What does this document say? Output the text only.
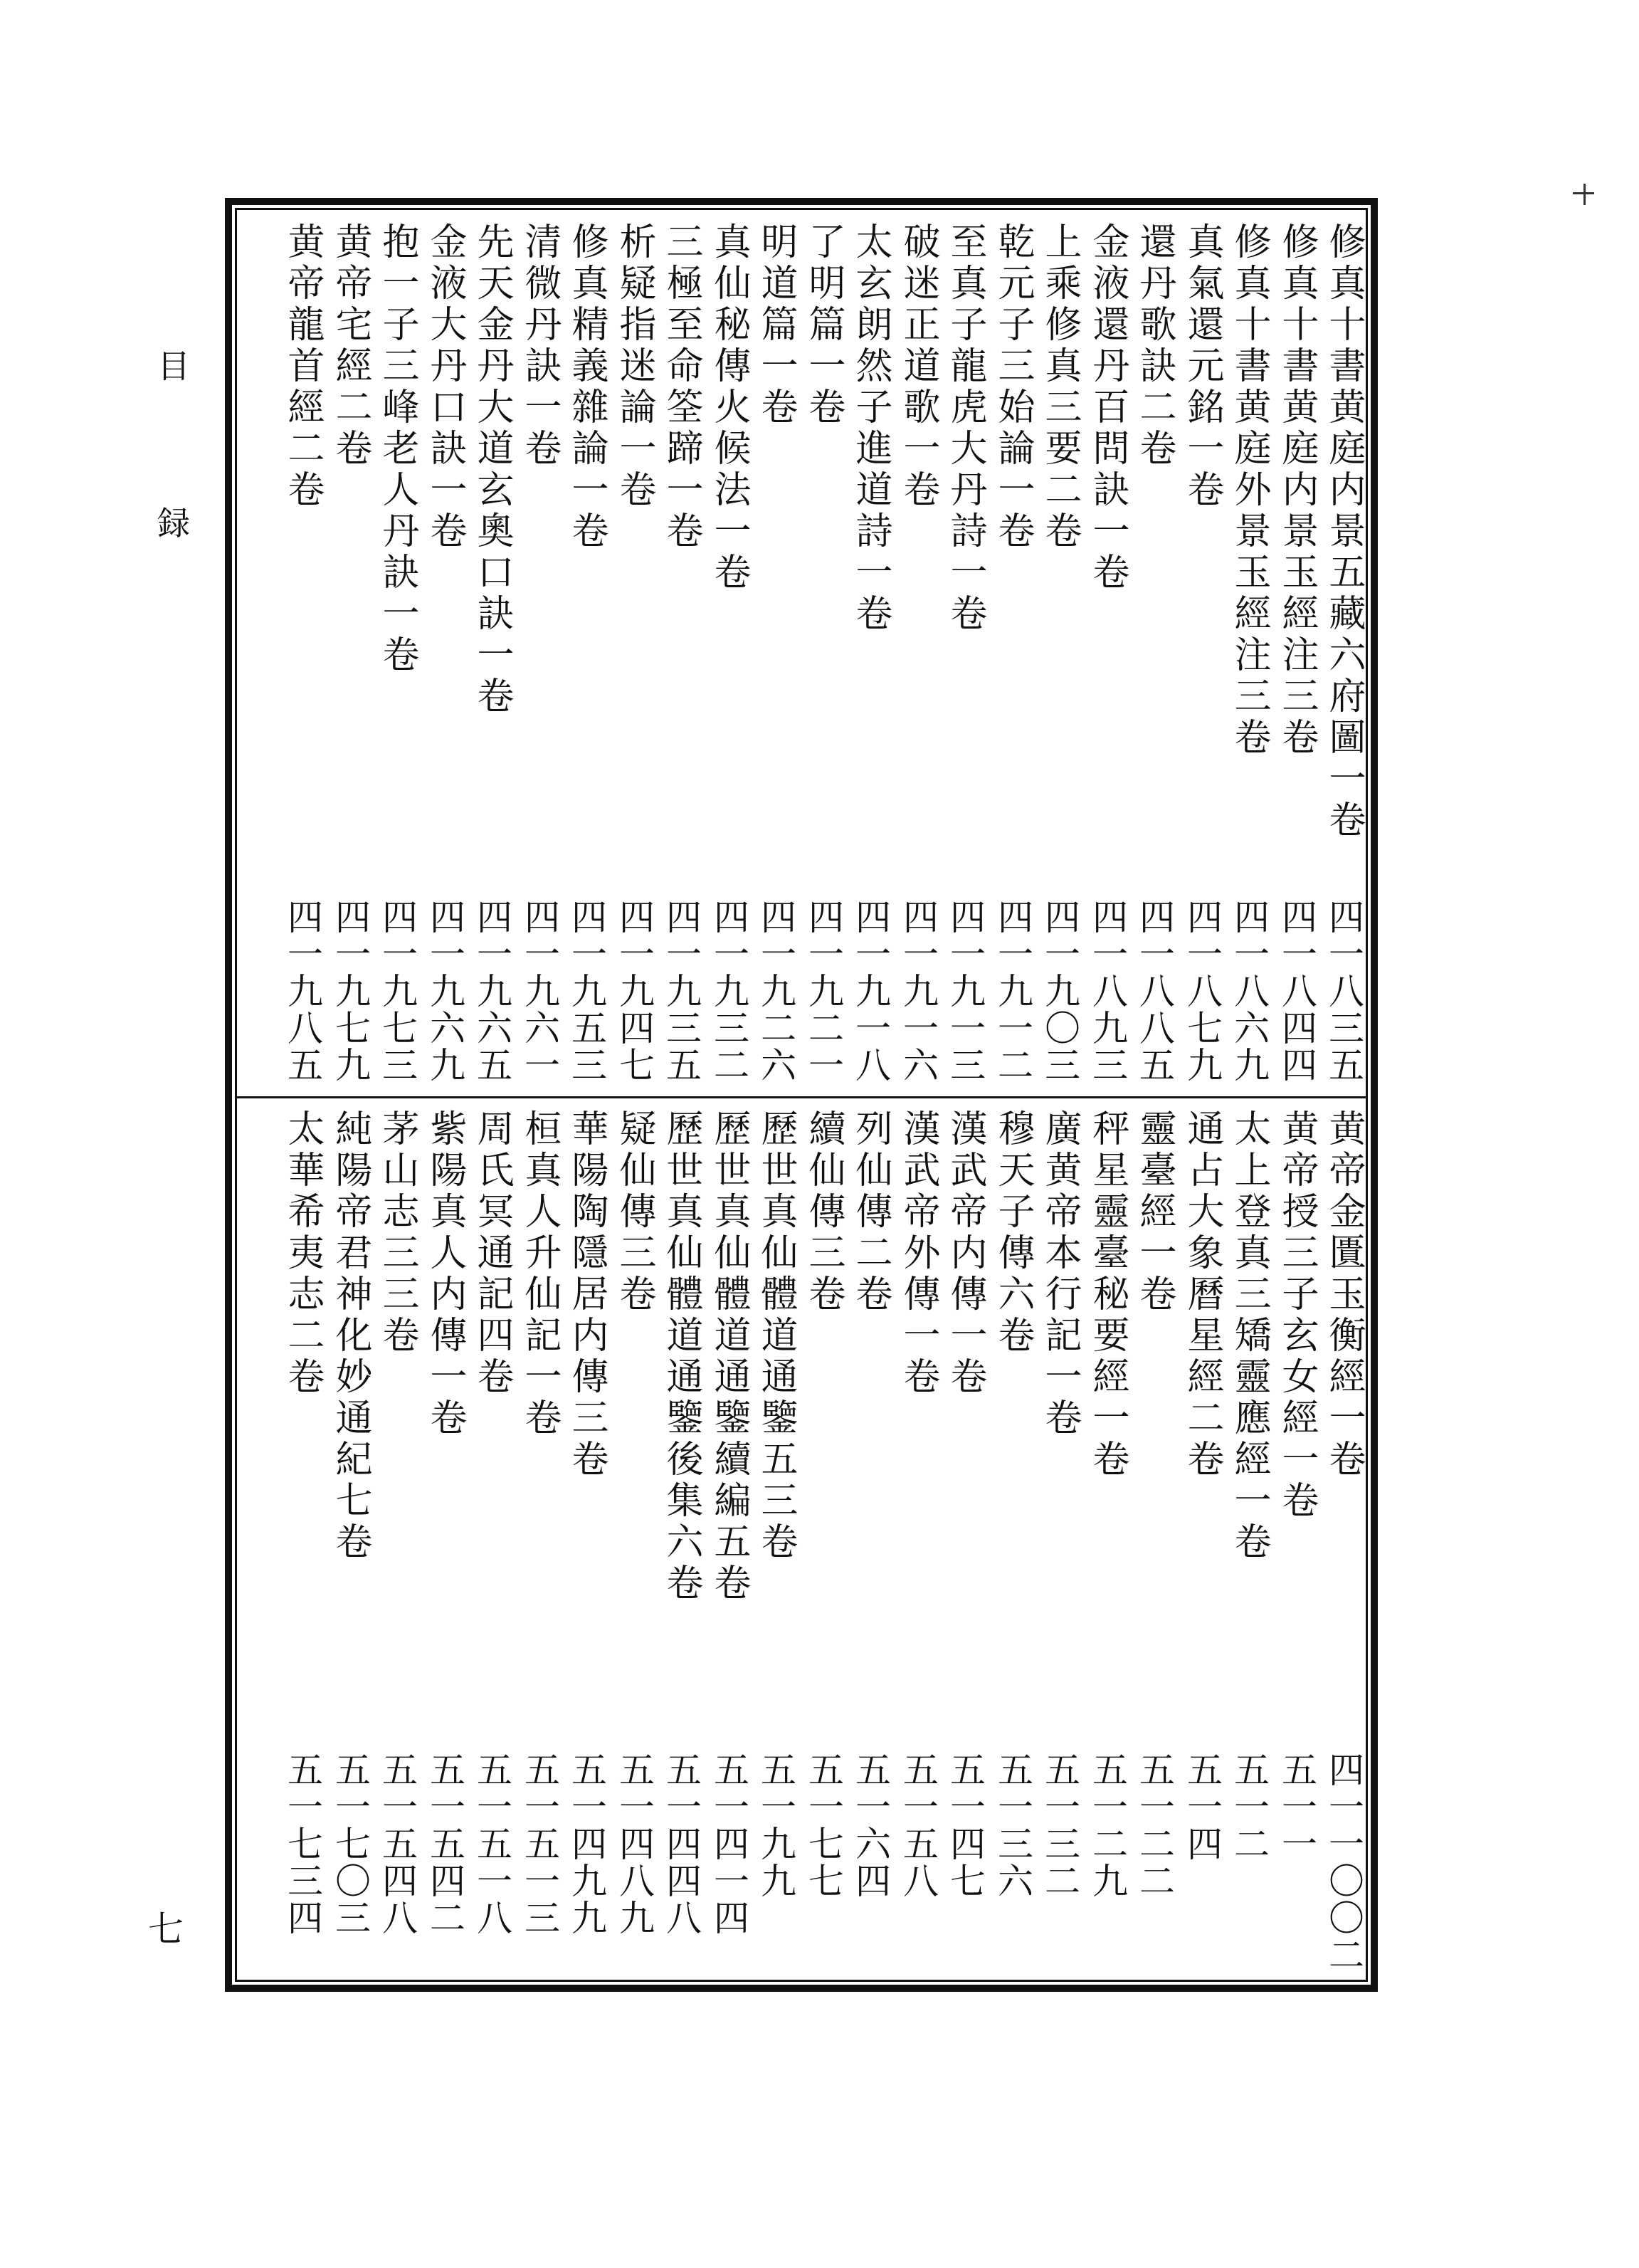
目 録
七
修真十書黄庭内景五藏六府圖一卷
四一八三五
修真十書黄庭内景玉經注三卷
四一八四四
修真十書黄庭外景玉經注三卷
四一八六九
真氣還元銘一卷
四一八七九
還丹歌訣二卷
四一八八五
金液還丹百問訣一卷
四一八九三
上乘修真三要二卷
四一九〇三
乾元子三始論一卷
四一九一二
至真子龍虎大丹詩一卷
四一九一三
破迷正道歌一卷
四一九一六
太玄朗然子進道詩一卷
四一九一八
了明篇一卷
四一九二一
明道篇一卷
四一九二六
真仙秘傳火候法一卷
四一九三二
三極至命筌蹄一卷
四一九三五
析疑指迷論一卷
四一九四七
修真精義雜論一卷
四一九五三
清微丹訣一卷
四一九六一
先天金丹大道玄奧口訣一卷
四一九六五
金液大丹口訣一卷
四一九六九
抱一子三峰老人丹訣一卷
四一九七三
黄帝宅經二卷
四一九七九
黄帝龍首經二卷
四一九八五
黄帝金匱玉衡經一卷
四一一〇〇二
黄帝授三子玄女經一卷
五一一
太上登真三矯靈應經一卷
五一二
通占大象曆星經二卷
五一四
靈臺經一卷
五一二二
秤星靈臺秘要經一卷
五一二九
廣黄帝本行記一卷
五一三二
穆天子傳六卷
五一三六
漢武帝内傳一卷
五一四七
漢武帝外傳一卷
五一五八
列仙傳二卷
五一六四
續仙傳三卷
五一七七
歷世真仙體道通鑒五三卷
五一九九
歷世真仙體道通鑒續編五卷
五一四一四
歷世真仙體道通鑒後集六卷
五一四四八
疑仙傳三卷
五一四八九
華陽陶隱居内傳三卷
五一四九九
桓真人升仙記一卷
五一五一三
周氏冥通記四卷
五一五一八
紫陽真人内傳一卷
五一五四二
茅山志三三卷
五一五四八
純陽帝君神化妙通紀七卷
五一七〇三
太華希夷志二卷
五一七三四
